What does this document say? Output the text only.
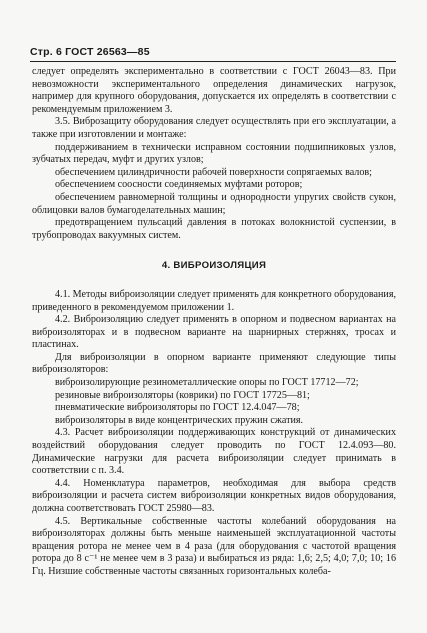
Стр. 6 ГОСТ 26563—85

следует определять экспериментально в соответствии с ГОСТ 26043—83. При невозможности экспериментального определения динамических нагрузок, например для крупного оборудования, допускается их определять в соответствии с рекомендуемым приложением 3.

3.5. Виброзащиту оборудования следует осуществлять при его эксплуатации, а также при изготовлении и монтаже:

поддерживанием в технически исправном состоянии подшипниковых узлов, зубчатых передач, муфт и других узлов;

обеспечением цилиндричности рабочей поверхности сопрягаемых валов;

обеспечением соосности соединяемых муфтами роторов;

обеспечением равномерной толщины и однородности упругих свойств сукон, облицовки валов бумагоделательных машин;

предотвращением пульсаций давления в потоках волокнистой суспензии, в трубопроводах вакуумных систем.

4. ВИБРОИЗОЛЯЦИЯ

4.1. Методы виброизоляции следует применять для конкретного оборудования, приведенного в рекомендуемом приложении 1.

4.2. Виброизоляцию следует применять в опорном и подвесном вариантах на виброизоляторах и в подвесном варианте на шарнирных стержнях, тросах и пластинах.

Для виброизоляции в опорном варианте применяют следующие типы виброизоляторов:

виброизолирующие резинометаллические опоры по ГОСТ 17712—72;

резиновые виброизоляторы (коврики) по ГОСТ 17725—81;

пневматические виброизоляторы по ГОСТ 12.4.047—78;

виброизоляторы в виде концентрических пружин сжатия.

4.3. Расчет виброизоляции поддерживающих конструкций от динамических воздействий оборудования следует проводить по ГОСТ 12.4.093—80. Динамические нагрузки для расчета виброизоляции следует принимать в соответствии с п. 3.4.

4.4. Номенклатура параметров, необходимая для выбора средств виброизоляции и расчета систем виброизоляции конкретных видов оборудования, должна соответствовать ГОСТ 25980—83.

4.5. Вертикальные собственные частоты колебаний оборудования на виброизоляторах должны быть меньше наименьшей эксплуатационной частоты вращения ротора не менее чем в 4 раза (для оборудования с частотой вращения ротора до 8 с⁻¹ не менее чем в 3 раза) и выбираться из ряда: 1,6; 2,5; 4,0; 7,0; 10; 16 Гц. Низшие собственные частоты связанных горизонтальных колеба-
